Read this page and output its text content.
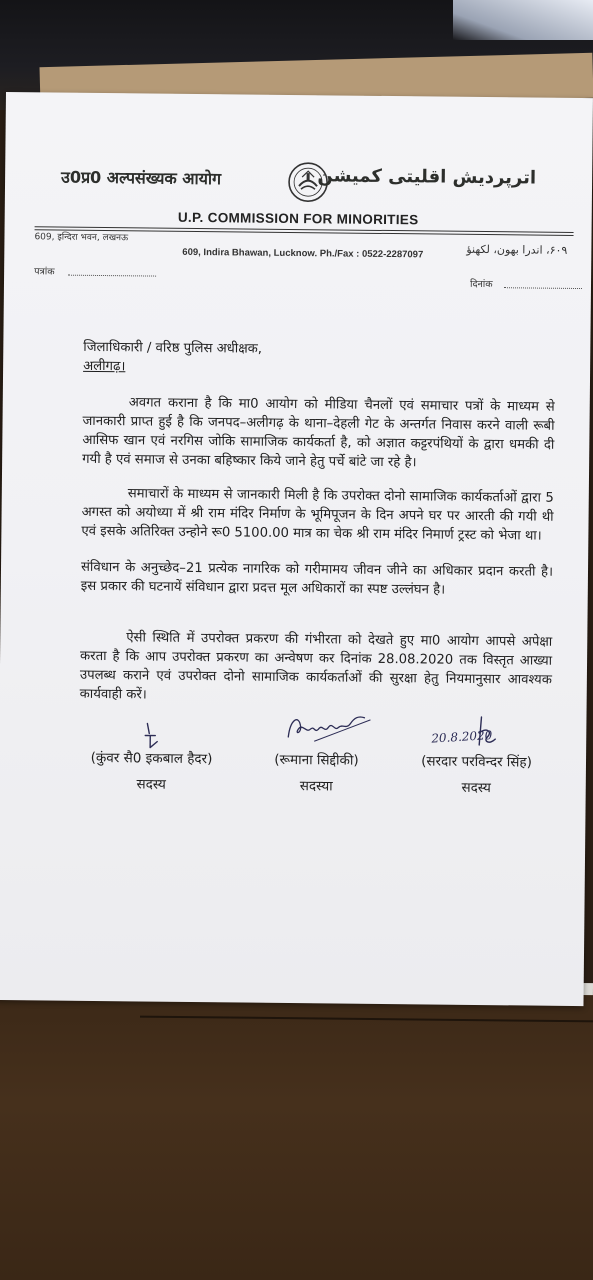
उ0प्र0 अल्पसंख्यक आयोग	اترپردیش اقلیتی کمیشن
U.P. COMMISSION FOR MINORITIES
609, इन्दिरा भवन, लखनऊ
609, Indira Bhawan, Lucknow. Ph./Fax : 0522-2287097	۶۰۹، اندرا بھون، لکھنؤ
पत्रांक
दिनांक
जिलाधिकारी / वरिष्ठ पुलिस अधीक्षक,
अलीगढ़।
अवगत कराना है कि मा0 आयोग को मीडिया चैनलों एवं समाचार पत्रों के माध्यम से जानकारी प्राप्त हुई है कि जनपद–अलीगढ़ के थाना–देहली गेट के अन्तर्गत निवास करने वाली रूबी आसिफ खान एवं नरगिस जोकि सामाजिक कार्यकर्ता है, को अज्ञात कट्टरपंथियों के द्वारा धमकी दी गयी है एवं समाज से उनका बहिष्कार किये जाने हेतु पर्चे बांटे जा रहे है।
समाचारों के माध्यम से जानकारी मिली है कि उपरोक्त दोनो सामाजिक कार्यकर्ताओं द्वारा 5 अगस्त को अयोध्या में श्री राम मंदिर निर्माण के भूमिपूजन के दिन अपने घर पर आरती की गयी थी एवं इसके अतिरिक्त उन्होने रू0 5100.00 मात्र का चेक श्री राम मंदिर निमार्ण ट्रस्ट को भेजा था।
संविधान के अनुच्छेद–21 प्रत्येक नागरिक को गरीमामय जीवन जीने का अधिकार प्रदान करती है। इस प्रकार की घटनायें संविधान द्वारा प्रदत्त मूल अधिकारों का स्पष्ट उल्लंघन है।
ऐसी स्थिति में उपरोक्त प्रकरण की गंभीरता को देखते हुए मा0 आयोग आपसे अपेक्षा करता है कि आप उपरोक्त प्रकरण का अन्वेषण कर दिनांक 28.08.2020 तक विस्तृत आख्या उपलब्ध कराने एवं उपरोक्त दोनो सामाजिक कार्यकर्ताओं की सुरक्षा हेतु नियमानुसार आवश्यक कार्यवाही करें।
20.8.2020
(कुंवर सै0 इकबाल हैदर)
सदस्य
(रूमाना सिद्दीकी)
सदस्या
(सरदार परविन्दर सिंह)
सदस्य
